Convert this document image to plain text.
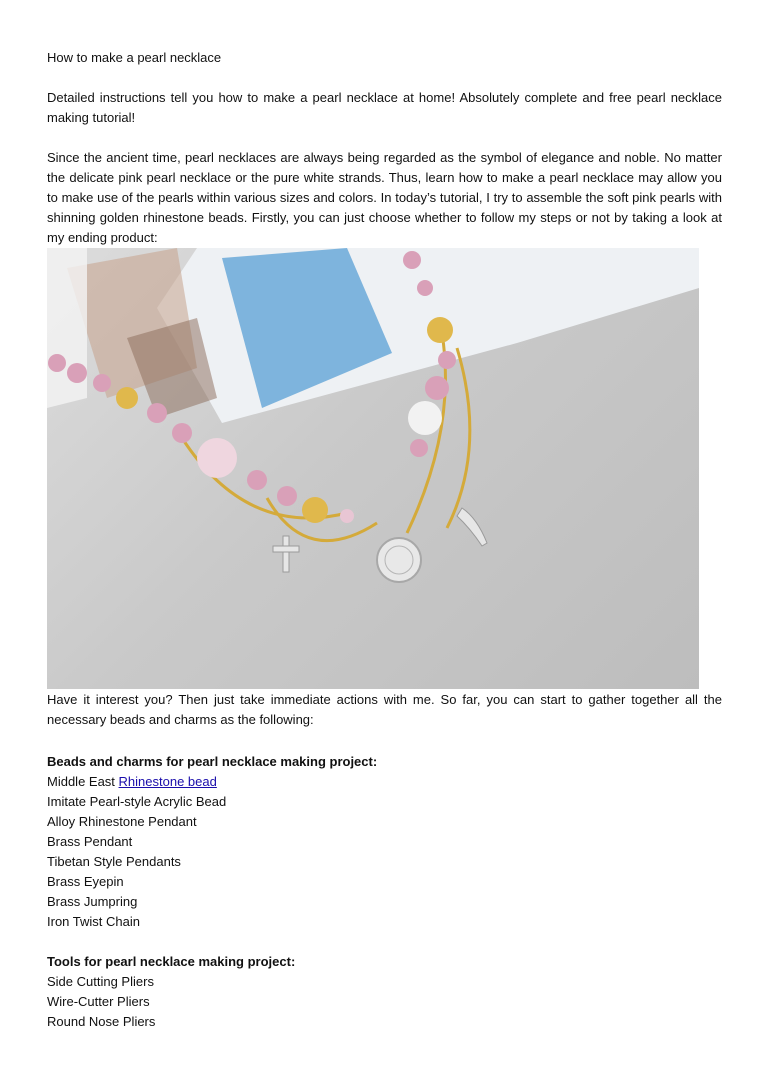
How to make a pearl necklace

Detailed instructions tell you how to make a pearl necklace at home! Absolutely complete and free pearl necklace making tutorial!

Since the ancient time, pearl necklaces are always being regarded as the symbol of elegance and noble. No matter the delicate pink pearl necklace or the pure white strands. Thus, learn how to make a pearl necklace may allow you to make use of the pearls within various sizes and colors. In today’s tutorial, I try to assemble the soft pink pearls with shinning golden rhinestone beads. Firstly, you can just choose whether to follow my steps or not by taking a look at my ending product:

Have it interest you? Then just take immediate actions with me. So far, you can start to gather together all the necessary beads and charms as the following:

Beads and charms for pearl necklace making project:
Middle East Rhinestone bead
Imitate Pearl-style Acrylic Bead
Alloy Rhinestone Pendant
Brass Pendant
Tibetan Style Pendants
Brass Eyepin
Brass Jumpring
Iron Twist Chain
Tools for pearl necklace making project:
Side Cutting Pliers
Wire-Cutter Pliers
Round Nose Pliers
